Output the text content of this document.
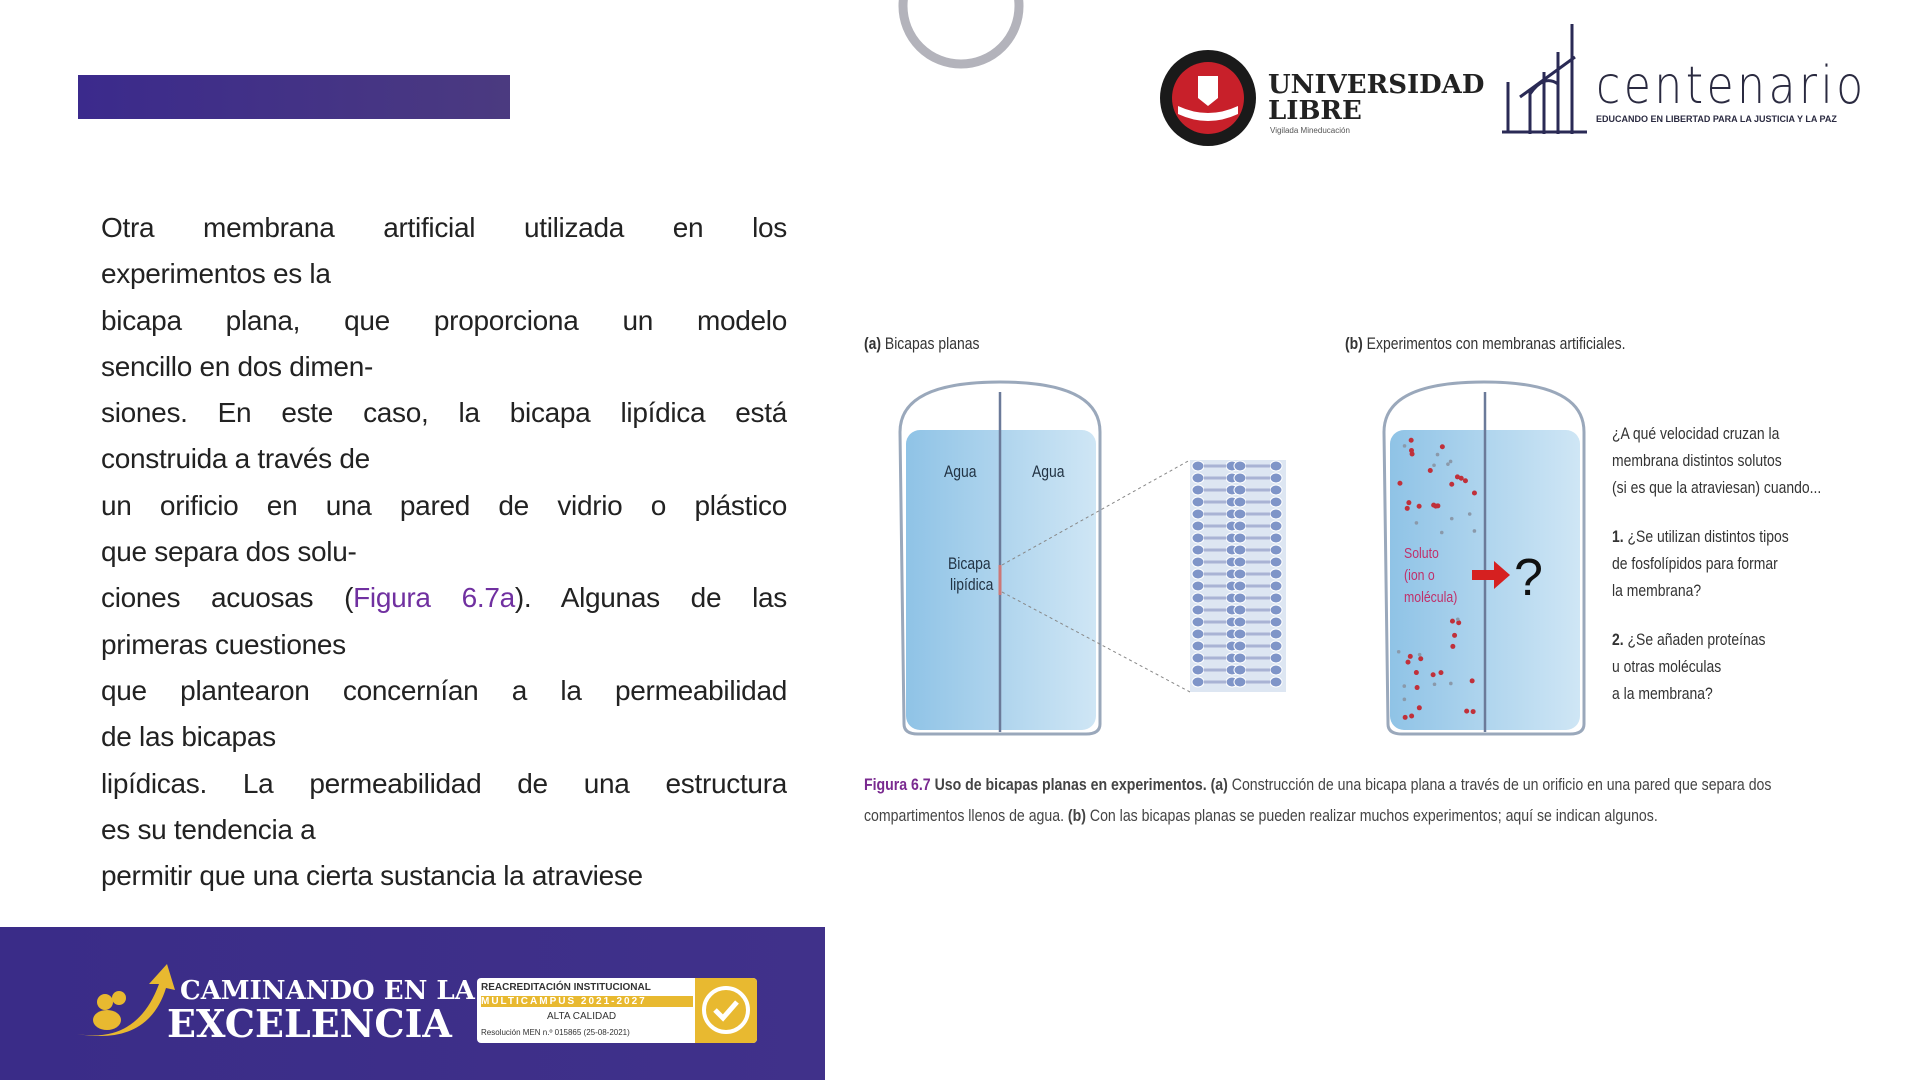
UNIVERSIDAD
LIBRE
Vigilada Mineducación
centenario
EDUCANDO EN LIBERTAD PARA LA JUSTICIA Y LA PAZ
Otra membrana artificial utilizada en los
experimentos es la
bicapa plana, que proporciona un modelo
sencillo en dos dimen-
siones. En este caso, la bicapa lipídica está
construida a través de
un orificio en una pared de vidrio o plástico
que separa dos solu-
ciones acuosas (Figura 6.7a). Algunas de las
primeras cuestiones
que plantearon concernían a la permeabilidad
de las bicapas
lipídicas. La permeabilidad de una estructura
es su tendencia a
permitir que una cierta sustancia la atraviese
(a) Bicapas planas	(b) Experimentos con membranas artificiales.
Agua	Agua
Bicapa
lipídica
Soluto
(ion o
molécula) ?
¿A qué velocidad cruzan la
membrana distintos solutos
(si es que la atraviesan) cuando...
1. ¿Se utilizan distintos tipos
de fosfolípidos para formar
la membrana?
2. ¿Se añaden proteínas
u otras moléculas
a la membrana?
Figura 6.7 Uso de bicapas planas en experimentos. (a) Construcción de una bicapa plana a través de un orificio en una pared que separa dos
compartimentos llenos de agua. (b) Con las bicapas planas se pueden realizar muchos experimentos; aquí se indican algunos.
CAMINANDO EN LA
EXCELENCIA
REACREDITACIÓN INSTITUCIONAL
MULTICAMPUS 2021-2027
ALTA CALIDAD
Resolución MEN n.º 015865 (25-08-2021)
